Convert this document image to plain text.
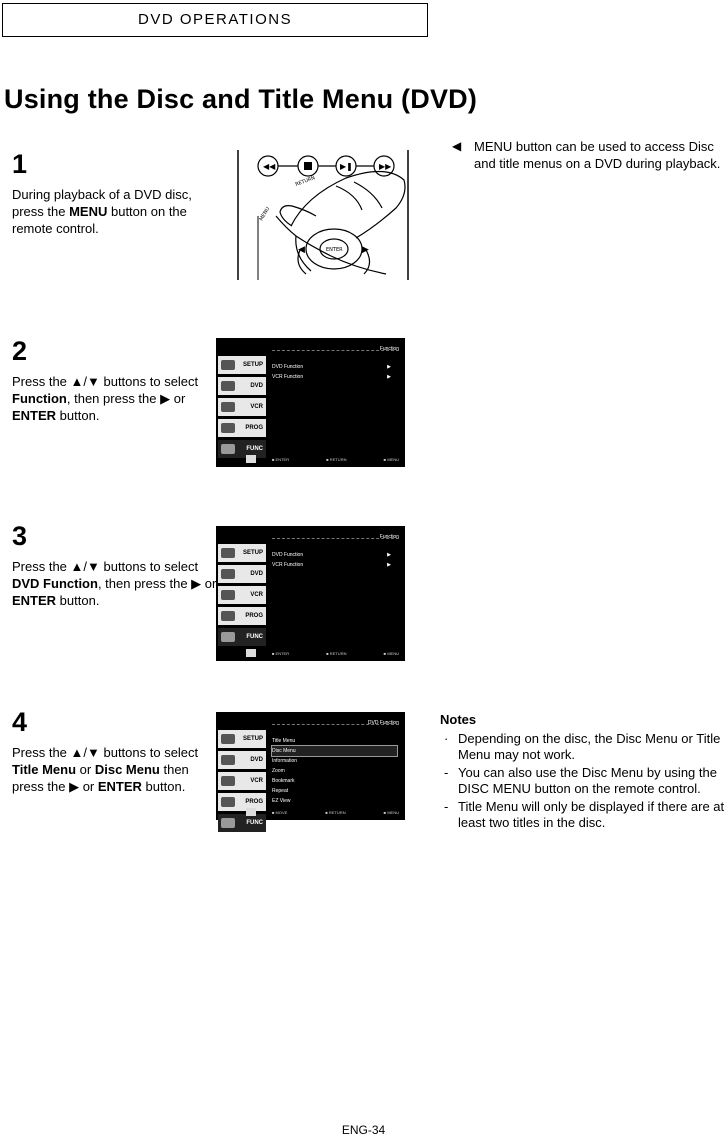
DVD OPERATIONS
Using the Disc and Title Menu (DVD)
1
During playback of a DVD disc, press the MENU button on the remote control.
◀◀	▶❚	▶▶
RETURN
MENU
ENTER
◀	▶
◀ MENU button can be used to access Disc and title menus on a DVD during playback.
2
Press the ▲/▼ buttons to select Function, then press the ▶ or ENTER button.
Function
SETUP
DVD
VCR
PROG
FUNC
DVD Function	▶
VCR Function	▶
■ ENTER	■ RETURN	■ MENU
3
Press the ▲/▼ buttons to select DVD Function, then press the ▶ or ENTER button.
Function
SETUP
DVD
VCR
PROG
FUNC
DVD Function	▶
VCR Function	▶
■ ENTER	■ RETURN	■ MENU
4
Press the ▲/▼ buttons to select Title Menu or Disc Menu then press the ▶ or ENTER button.
DVD Function
SETUP
DVD
VCR
PROG
FUNC
Title Menu
Disc Menu
Information
Zoom
Bookmark
Repeat
EZ View
■ MOVE	■ RETURN	■ MENU
Notes
· Depending on the disc, the Disc Menu or Title Menu may not work.
- You can also use the Disc Menu by using the DISC MENU button on the remote control.
- Title Menu will only be displayed if there are at least two titles in the disc.
ENG-34
